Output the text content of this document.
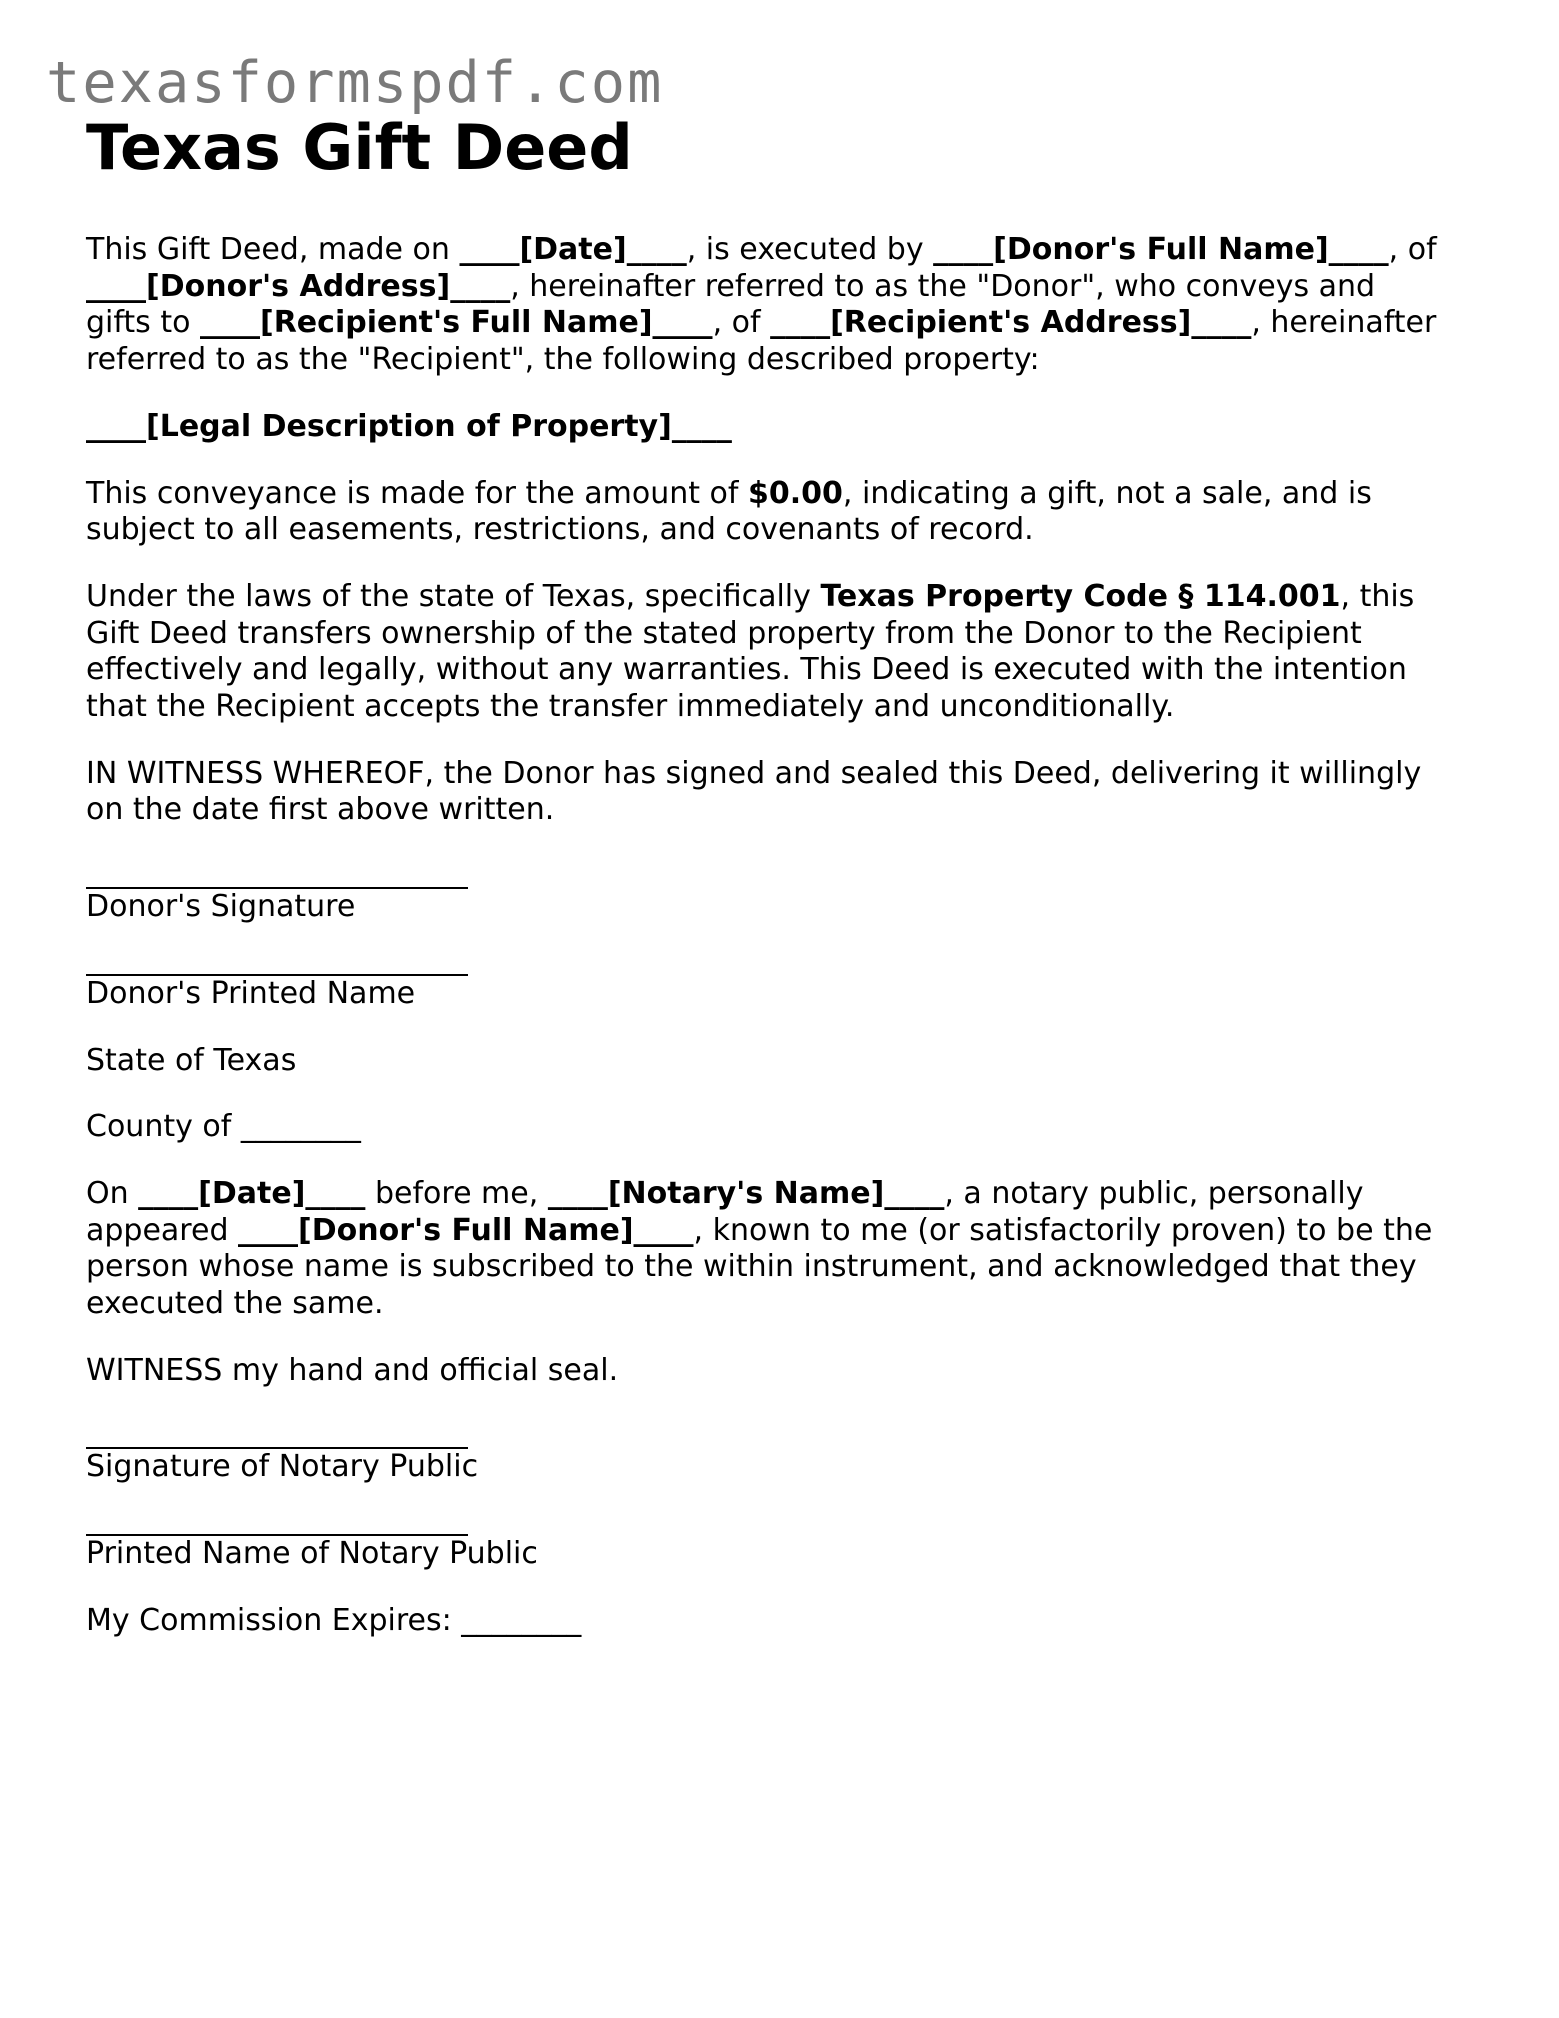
texasformspdf.com
Texas Gift Deed
This Gift Deed, made on ____[Date]____, is executed by ____[Donor's Full Name]____, of
____[Donor's Address]____, hereinafter referred to as the "Donor", who conveys and
gifts to ____[Recipient's Full Name]____, of ____[Recipient's Address]____, hereinafter
referred to as the "Recipient", the following described property:
____[Legal Description of Property]____
This conveyance is made for the amount of $0.00, indicating a gift, not a sale, and is
subject to all easements, restrictions, and covenants of record.
Under the laws of the state of Texas, specifically Texas Property Code § 114.001, this
Gift Deed transfers ownership of the stated property from the Donor to the Recipient
effectively and legally, without any warranties. This Deed is executed with the intention
that the Recipient accepts the transfer immediately and unconditionally.
IN WITNESS WHEREOF, the Donor has signed and sealed this Deed, delivering it willingly
on the date first above written.
Donor's Signature
Donor's Printed Name
State of Texas
County of ________
On ____[Date]____ before me, ____[Notary's Name]____, a notary public, personally
appeared ____[Donor's Full Name]____, known to me (or satisfactorily proven) to be the
person whose name is subscribed to the within instrument, and acknowledged that they
executed the same.
WITNESS my hand and official seal.
Signature of Notary Public
Printed Name of Notary Public
My Commission Expires: ________
